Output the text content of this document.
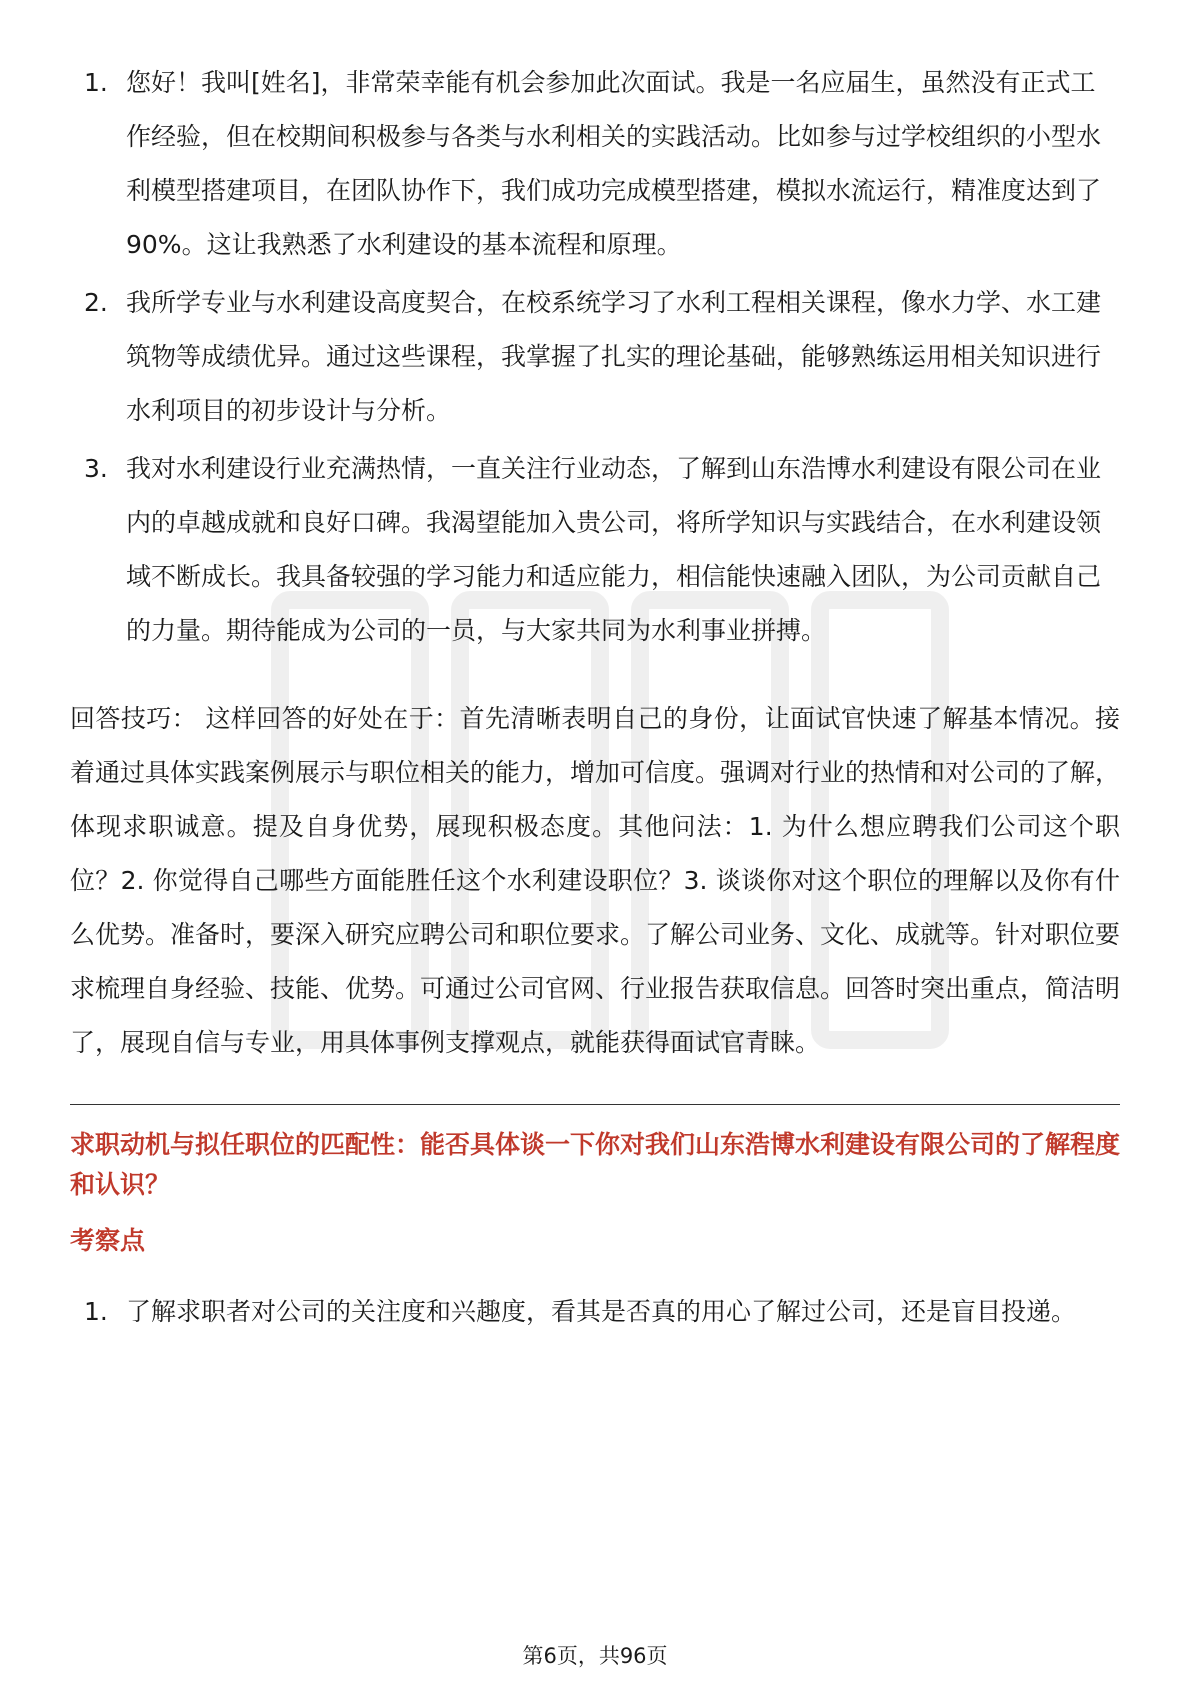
1. 您好！我叫[姓名]，非常荣幸能有机会参加此次面试。我是一名应届生，虽然没有正式工作经验，但在校期间积极参与各类与水利相关的实践活动。比如参与过学校组织的小型水利模型搭建项目，在团队协作下，我们成功完成模型搭建，模拟水流运行，精准度达到了 90%。这让我熟悉了水利建设的基本流程和原理。
2. 我所学专业与水利建设高度契合，在校系统学习了水利工程相关课程，像水力学、水工建筑物等成绩优异。通过这些课程，我掌握了扎实的理论基础，能够熟练运用相关知识进行水利项目的初步设计与分析。
3. 我对水利建设行业充满热情，一直关注行业动态，了解到山东浩博水利建设有限公司在业内的卓越成就和良好口碑。我渴望能加入贵公司，将所学知识与实践结合，在水利建设领域不断成长。我具备较强的学习能力和适应能力，相信能快速融入团队，为公司贡献自己的力量。期待能成为公司的一员，与大家共同为水利事业拼搏。

回答技巧： 这样回答的好处在于：首先清晰表明自己的身份，让面试官快速了解基本情况。接着通过具体实践案例展示与职位相关的能力，增加可信度。强调对行业的热情和对公司的了解，体现求职诚意。提及自身优势，展现积极态度。其他问法：1. 为什么想应聘我们公司这个职位？2. 你觉得自己哪些方面能胜任这个水利建设职位？3. 谈谈你对这个职位的理解以及你有什么优势。准备时，要深入研究应聘公司和职位要求。了解公司业务、文化、成就等。针对职位要求梳理自身经验、技能、优势。可通过公司官网、行业报告获取信息。回答时突出重点，简洁明了，展现自信与专业，用具体事例支撑观点，就能获得面试官青睐。

求职动机与拟任职位的匹配性：能否具体谈一下你对我们山东浩博水利建设有限公司的了解程度和认识？
考察点
1. 了解求职者对公司的关注度和兴趣度，看其是否真的用心了解过公司，还是盲目投递。
第6页，共96页
